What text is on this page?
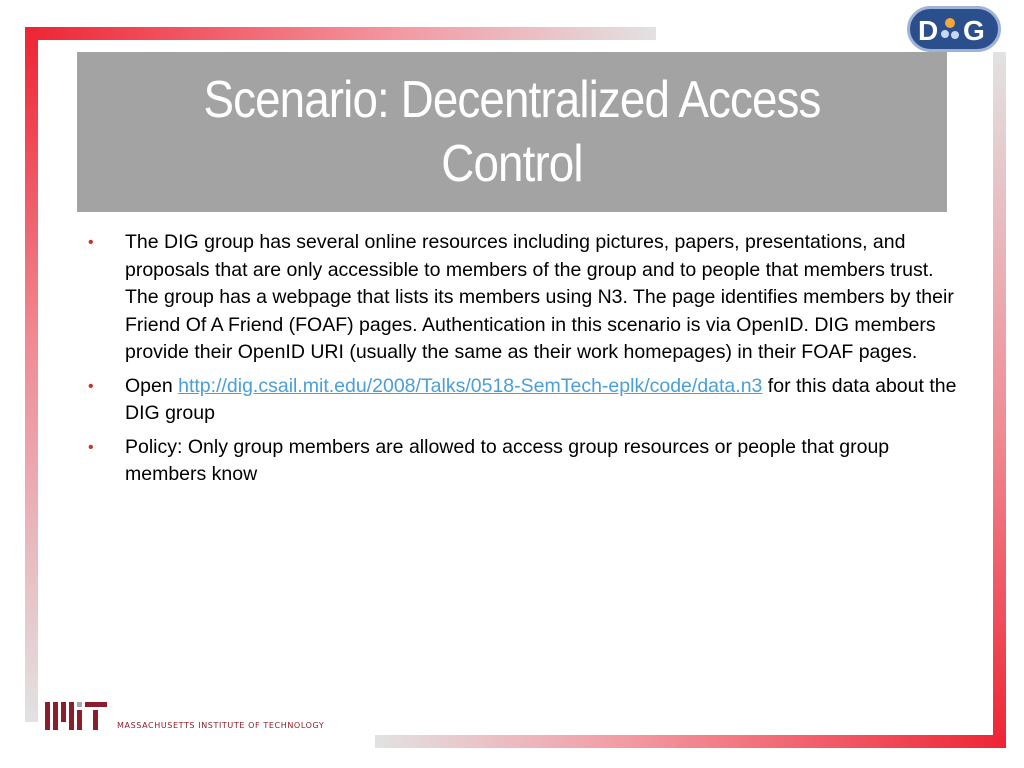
Scenario: Decentralized Access Control
D G
• The DIG group has several online resources including pictures, papers, presentations, and proposals that are only accessible to members of the group and to people that members trust. The group has a webpage that lists its members using N3. The page identifies members by their Friend Of A Friend (FOAF) pages. Authentication in this scenario is via OpenID. DIG members provide their OpenID URI (usually the same as their work homepages) in their FOAF pages.
• Open http://dig.csail.mit.edu/2008/Talks/0518-SemTech-eplk/code/data.n3 for this data about the DIG group
• Policy: Only group members are allowed to access group resources or people that group members know
MASSACHUSETTS INSTITUTE OF TECHNOLOGY
